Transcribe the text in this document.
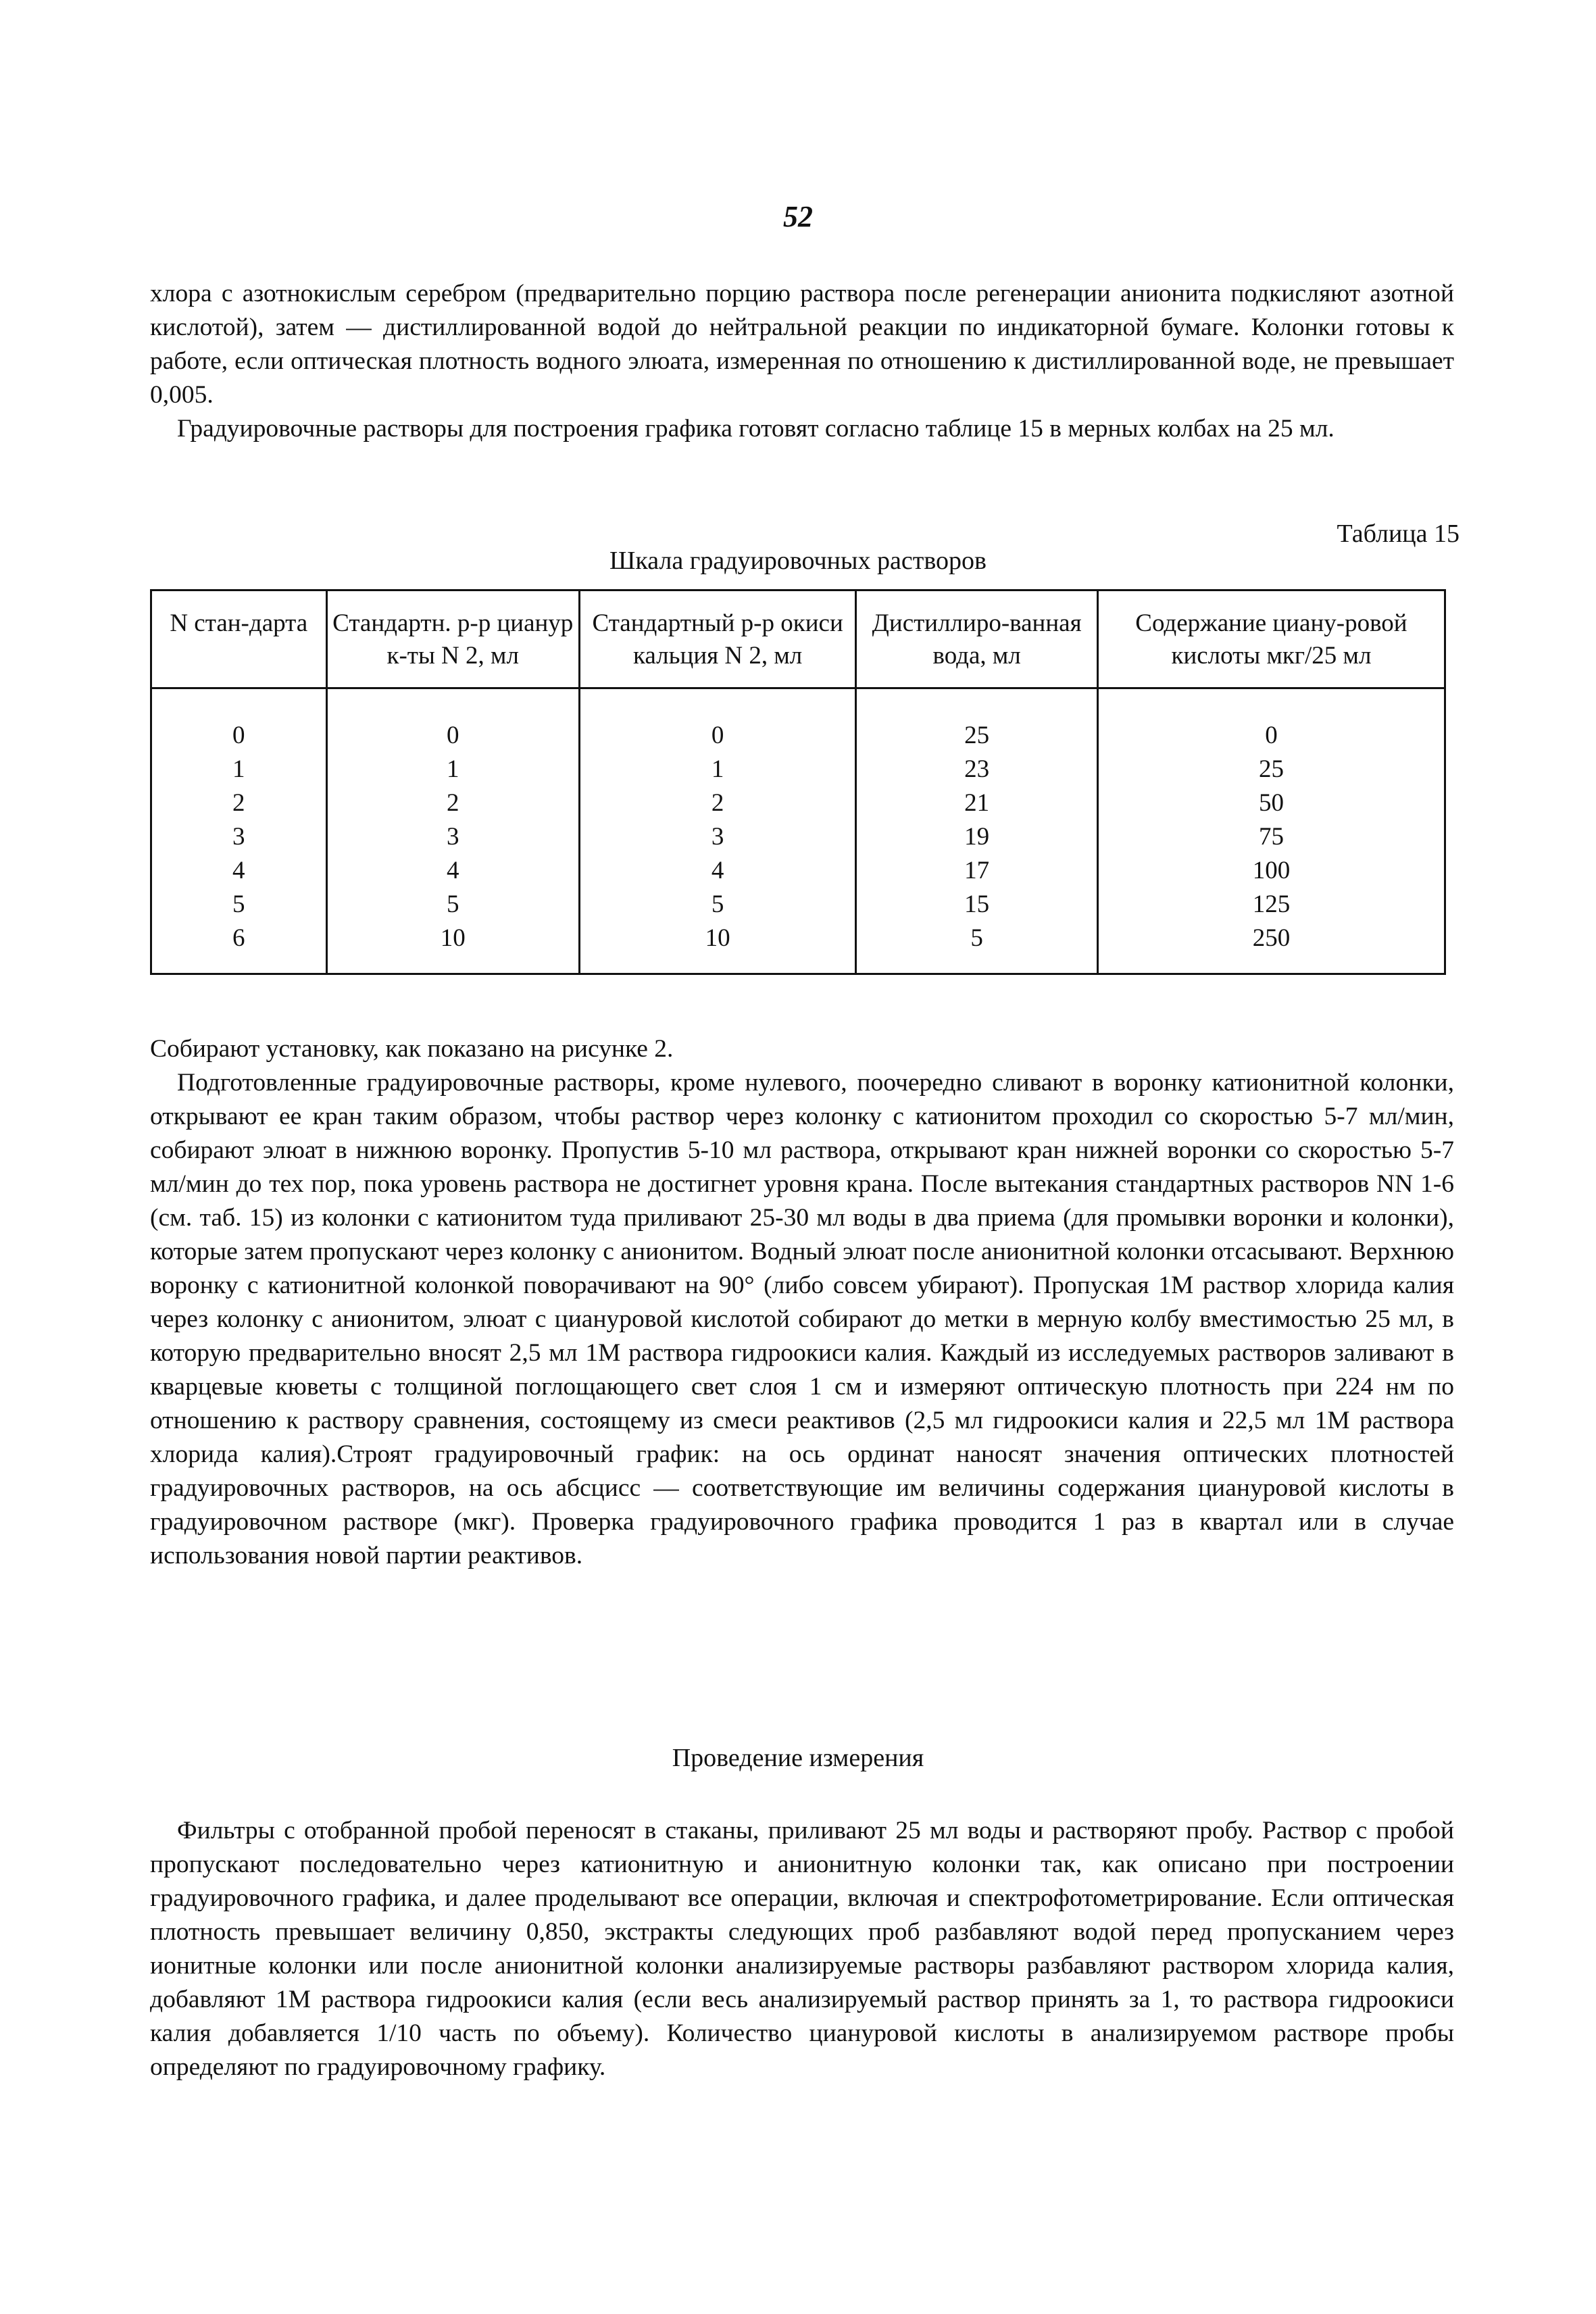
52

хлора с азотнокислым серебром (предварительно порцию раствора после регенерации анионита подкисляют азотной кислотой), затем — дистиллированной водой до нейтральной реакции по индикаторной бумаге. Колонки готовы к работе, если оптическая плотность водного элюата, измеренная по отношению к дистиллированной воде, не превышает 0,005.

Градуировочные растворы для построения графика готовят согласно таблице 15 в мерных колбах на 25 мл.

Таблица 15
Шкала градуировочных растворов
N стан-дарта	Стандартн. р-р цианур к-ты N 2, мл	Стандартный р-р окиси кальция N 2, мл	Дистиллиро-ванная вода, мл	Содержание циану-ровой кислоты мкг/25 мл
0	0	0	25	0
1	1	1	23	25
2	2	2	21	50
3	3	3	19	75
4	4	4	17	100
5	5	5	15	125
6	10	10	5	250

Собирают установку, как показано на рисунке 2.

Подготовленные градуировочные растворы, кроме нулевого, поочередно сливают в воронку катионитной колонки, открывают ее кран таким образом, чтобы раствор через колонку с катионитом проходил со скоростью 5-7 мл/мин, собирают элюат в нижнюю воронку. Пропустив 5-10 мл раствора, открывают кран нижней воронки со скоростью 5-7 мл/мин до тех пор, пока уровень раствора не достигнет уровня крана. После вытекания стандартных растворов NN 1-6 (см. таб. 15) из колонки с катионитом туда приливают 25-30 мл воды в два приема (для промывки воронки и колонки), которые затем пропускают через колонку с анионитом. Водный элюат после анионитной колонки отсасывают. Верхнюю воронку с катионитной колонкой поворачивают на 90° (либо совсем убирают). Пропуская 1М раствор хлорида калия через колонку с анионитом, элюат с циануровой кислотой собирают до метки в мерную колбу вместимостью 25 мл, в которую предварительно вносят 2,5 мл 1М раствора гидроокиси калия. Каждый из исследуемых растворов заливают в кварцевые кюветы с толщиной поглощающего свет слоя 1 см и измеряют оптическую плотность при 224 нм по отношению к раствору сравнения, состоящему из смеси реактивов (2,5 мл гидроокиси калия и 22,5 мл 1М раствора хлорида калия).Строят градуировочный график: на ось ординат наносят значения оптических плотностей градуировочных растворов, на ось абсцисс — соответствующие им величины содержания циануровой кислоты в градуировочном растворе (мкг). Проверка градуировочного графика проводится 1 раз в квартал или в случае использования новой партии реактивов.

Проведение измерения

Фильтры с отобранной пробой переносят в стаканы, приливают 25 мл воды и растворяют пробу. Раствор с пробой пропускают последовательно через катионитную и анионитную колонки так, как описано при построении градуировочного графика, и далее проделывают все операции, включая и спектрофотометрирование. Если оптическая плотность превышает величину 0,850, экстракты следующих проб разбавляют водой перед пропусканием через ионитные колонки или после анионитной колонки анализируемые растворы разбавляют раствором хлорида калия, добавляют 1М раствора гидроокиси калия (если весь анализируемый раствор принять за 1, то раствора гидроокиси калия добавляется 1/10 часть по объему). Количество циануровой кислоты в анализируемом растворе пробы определяют по градуировочному графику.
